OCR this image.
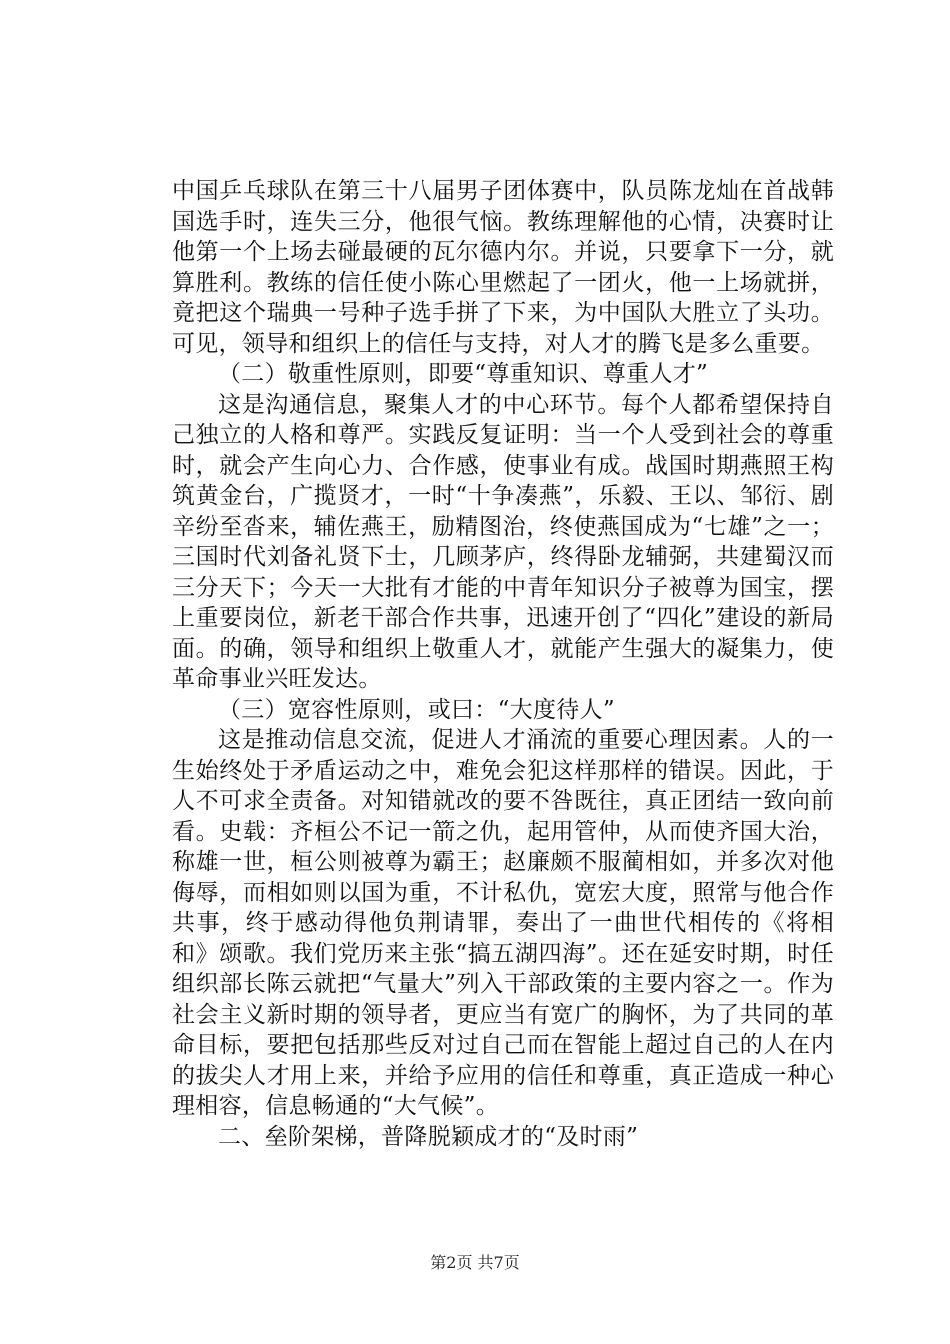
中国乒乓球队在第三十八届男子团体赛中，队员陈龙灿在首战韩国选手时，连失三分，他很气恼。教练理解他的心情，决赛时让他第一个上场去碰最硬的瓦尔德内尔。并说，只要拿下一分，就算胜利。教练的信任使小陈心里燃起了一团火，他一上场就拼，竟把这个瑞典一号种子选手拼了下来，为中国队大胜立了头功。可见，领导和组织上的信任与支持，对人才的腾飞是多么重要。

（二）敬重性原则，即要“尊重知识、尊重人才”

这是沟通信息，聚集人才的中心环节。每个人都希望保持自己独立的人格和尊严。实践反复证明：当一个人受到社会的尊重时，就会产生向心力、合作感，使事业有成。战国时期燕照王构筑黄金台，广揽贤才，一时“十争凑燕”，乐毅、王以、邹衍、剧辛纷至沓来，辅佐燕王，励精图治，终使燕国成为“七雄”之一；三国时代刘备礼贤下士，几顾茅庐，终得卧龙辅弼，共建蜀汉而三分天下；今天一大批有才能的中青年知识分子被尊为国宝，摆上重要岗位，新老干部合作共事，迅速开创了“四化”建设的新局面。的确，领导和组织上敬重人才，就能产生强大的凝集力，使革命事业兴旺发达。

（三）宽容性原则，或曰：“大度待人”

这是推动信息交流，促进人才涌流的重要心理因素。人的一生始终处于矛盾运动之中，难免会犯这样那样的错误。因此，于人不可求全责备。对知错就改的要不咎既往，真正团结一致向前看。史载：齐桓公不记一箭之仇，起用管仲，从而使齐国大治，称雄一世，桓公则被尊为霸王；赵廉颇不服蔺相如，并多次对他侮辱，而相如则以国为重，不计私仇，宽宏大度，照常与他合作共事，终于感动得他负荆请罪，奏出了一曲世代相传的《将相和》颂歌。我们党历来主张“搞五湖四海”。还在延安时期，时任组织部长陈云就把“气量大”列入干部政策的主要内容之一。作为社会主义新时期的领导者，更应当有宽广的胸怀，为了共同的革命目标，要把包括那些反对过自己而在智能上超过自己的人在内的拔尖人才用上来，并给予应用的信任和尊重，真正造成一种心理相容，信息畅通的“大气候”。

二、垒阶架梯，普降脱颖成才的“及时雨”

第2页 共7页
